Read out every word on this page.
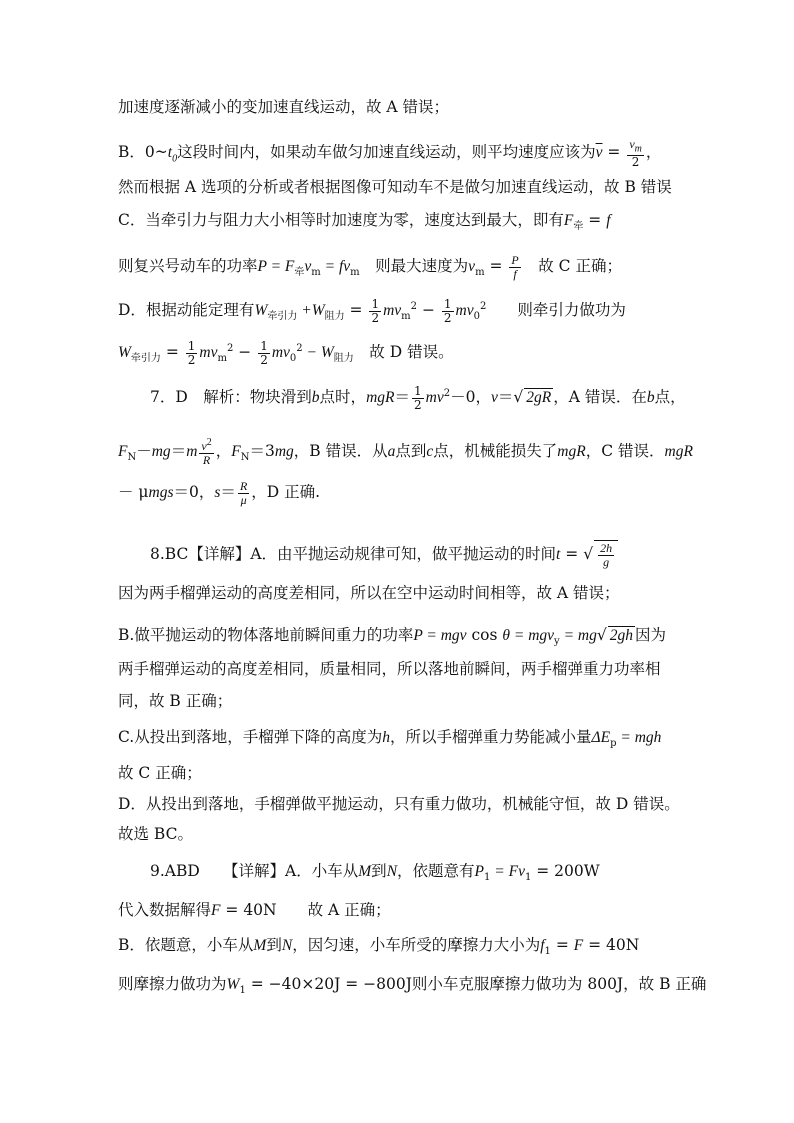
加速度逐渐减小的变加速直线运动，故 A 错误；
B．$0\sim t_0$这段时间内，如果动车做匀加速直线运动，则平均速度应该为$\overline{v} = \frac{v_m}{2}$ ，
然而根据 A 选项的分析或者根据图像可知动车不是做匀加速直线运动，故 B 错误
C．当牵引力与阻力大小相等时加速度为零，速度达到最大，即有$F_牵 = f$
则复兴号动车的功率$P = F_牵v_m = fv_m$　则最大速度为$v_m = \frac{P}{f}$ 　故 C 正确；
D．根据动能定理有$W_{牵引力} +W_{阻力} = \frac{1}{2} mv_m^2 - \frac{1}{2} mv_0^2$　　则牵引力做功为
$W_{牵引力} = \frac{1}{2} mv_m^2 - \frac{1}{2} mv_0^2 - W_{阻力}$　故 D 错误。
7．D　解析：物块滑到b点时，$mgR= \frac{1}{2} mv^2-0$，v＝√ 2gR ，A 错误．在b点，
$F_N-mg=m \frac{v^2}{R}$ ，$F_N=3mg$，B 错误．从a点到c点，机械能损失了mgR，C 错误．mgR
－ μmgs＝0，$s= \frac{R}{\mu}$ ，D 正确.
8.BC【详解】A．由平抛运动规律可知，做平抛运动的时间t = √ $\frac{2h}{g}$
因为两手榴弹运动的高度差相同，所以在空中运动时间相等，故 A 错误；
B.做平抛运动的物体落地前瞬间重力的功率P = mgv cos θ = mgv$_y$ = mg√ 2gh 因为
两手榴弹运动的高度差相同，质量相同，所以落地前瞬间，两手榴弹重力功率相
同，故 B 正确；
C.从投出到落地，手榴弹下降的高度为h，所以手榴弹重力势能减小量$\Delta E_p$ = mgh
故 C 正确；
D．从投出到落地，手榴弹做平抛运动，只有重力做功，机械能守恒，故 D 错误。
故选 BC。
9.ABD　　【详解】A．小车从M到N，依题意有$P_1 = Fv_1 = 200W$
代入数据解得F = 40N　　故 A 正确；
B．依题意，小车从M到N，因匀速，小车所受的摩擦力大小为$f_1 = F = 40N$
则摩擦力做功为$W_1 = -40\times 20J = -800J$则小车克服摩擦力做功为 800J，故 B 正确
